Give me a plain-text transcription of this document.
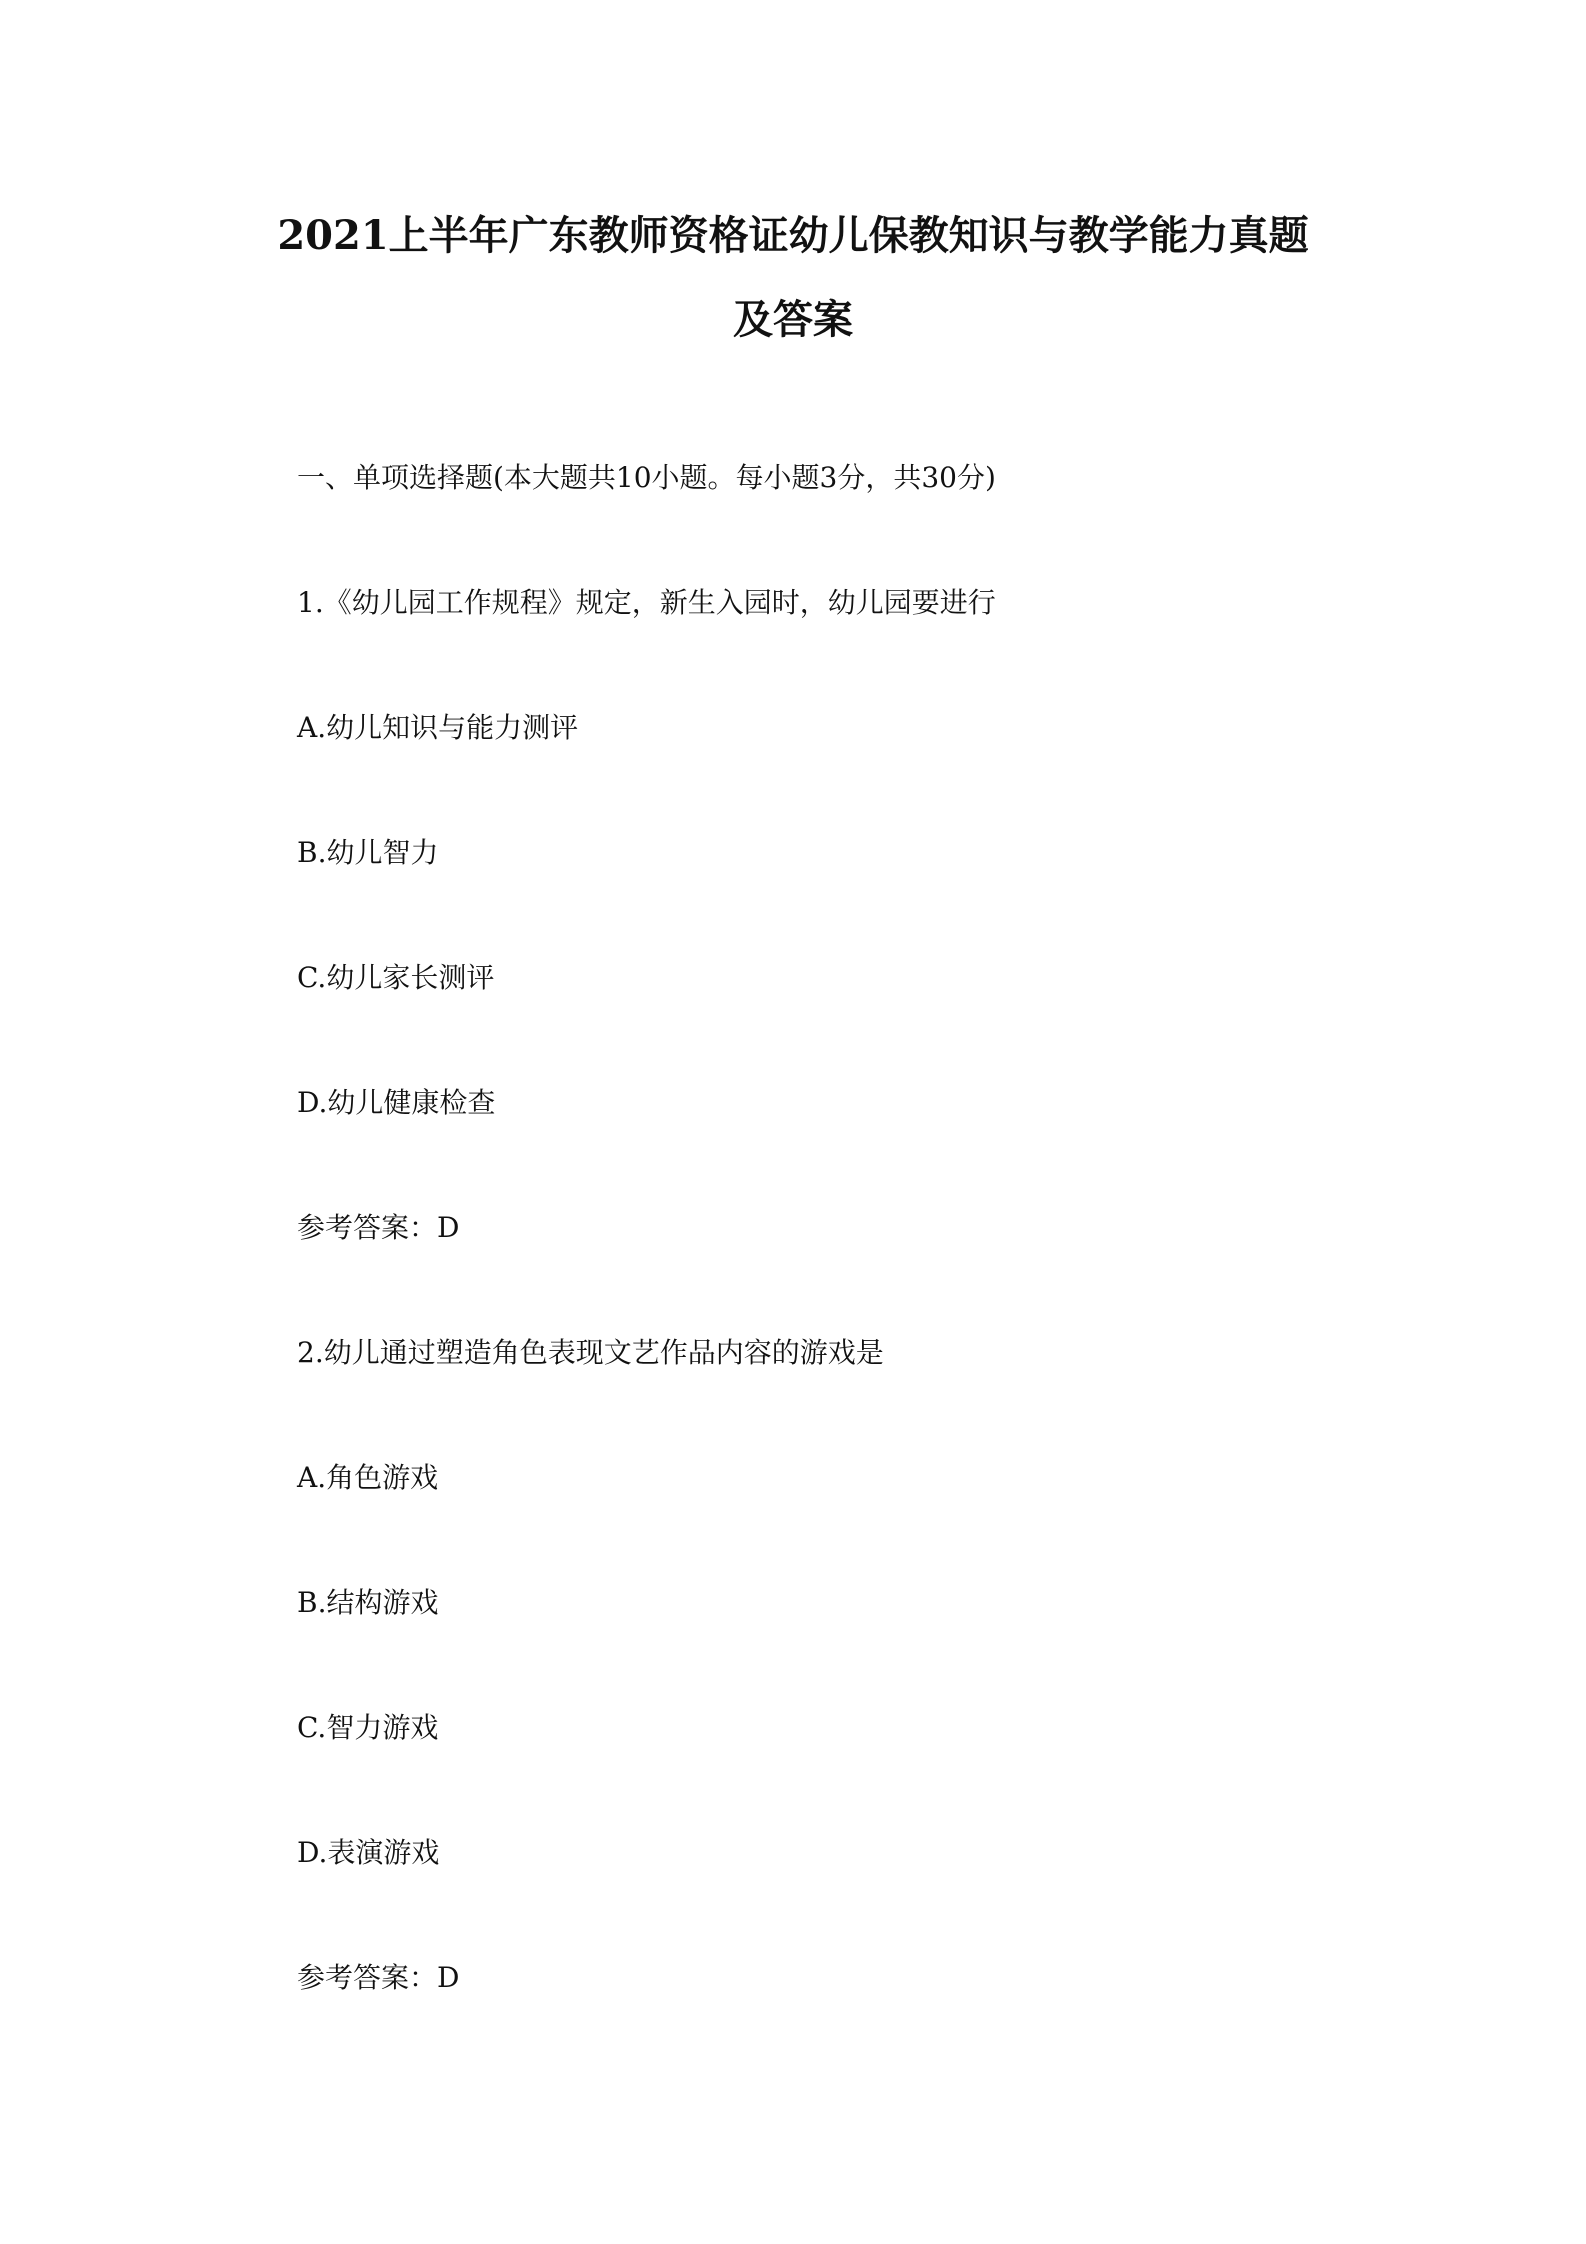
2021上半年广东教师资格证幼儿保教知识与教学能力真题
及答案
一、单项选择题(本大题共10小题。每小题3分，共30分)
1.《幼儿园工作规程》规定，新生入园时，幼儿园要进行
A.幼儿知识与能力测评
B.幼儿智力
C.幼儿家长测评
D.幼儿健康检查
参考答案：D
2.幼儿通过塑造角色表现文艺作品内容的游戏是
A.角色游戏
B.结构游戏
C.智力游戏
D.表演游戏
参考答案：D
